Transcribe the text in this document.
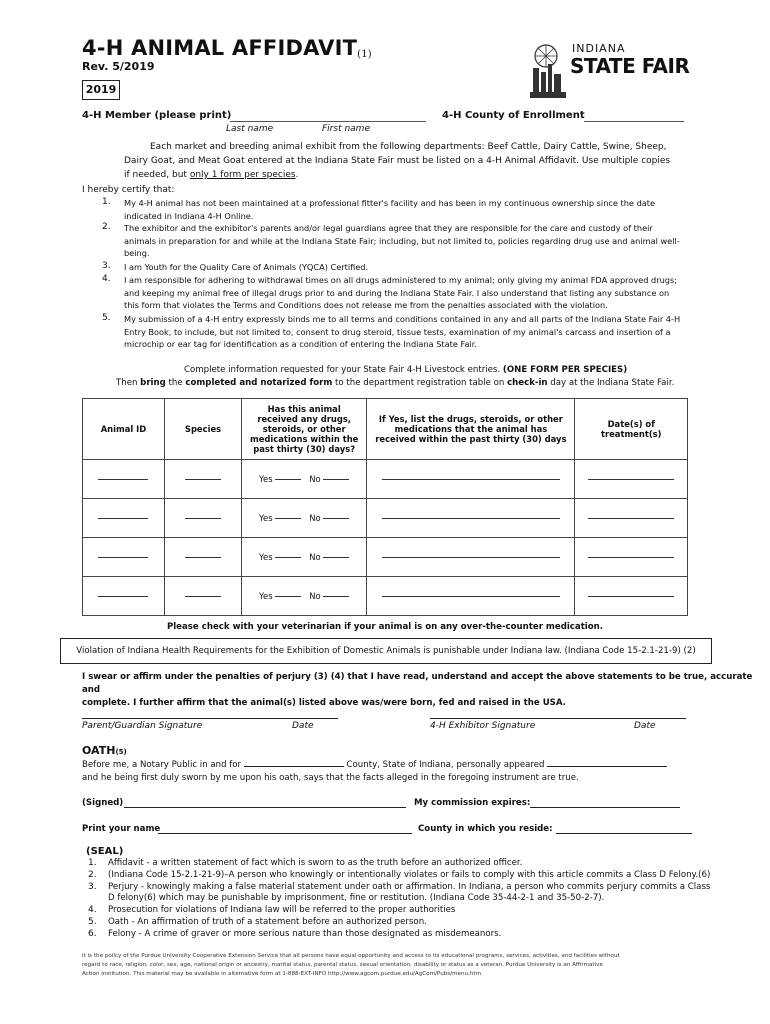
4-H ANIMAL AFFIDAVIT$^{(1)}$
Rev. 5/2019
2019
INDIANA
STATE FAIR
4-H Member (please print)
Last name	First name
4-H County of Enrollment
Each market and breeding animal exhibit from the following departments: Beef Cattle, Dairy Cattle, Swine, Sheep,
Dairy Goat, and Meat Goat entered at the Indiana State Fair must be listed on a 4-H Animal Affidavit. Use multiple copies
if needed, but only 1 form per species.
I hereby certify that:
1. My 4-H animal has not been maintained at a professional fitter's facility and has been in my continuous ownership since the date indicated in Indiana 4-H Online.
2. The exhibitor and the exhibitor's parents and/or legal guardians agree that they are responsible for the care and custody of their animals in preparation for and while at the Indiana State Fair; including, but not limited to, policies regarding drug use and animal well-being.
3. I am Youth for the Quality Care of Animals (YQCA) Certified.
4. I am responsible for adhering to withdrawal times on all drugs administered to my animal; only giving my animal FDA approved drugs; and keeping my animal free of illegal drugs prior to and during the Indiana State Fair. I also understand that listing any substance on this form that violates the Terms and Conditions does not release me from the penalties associated with the violation.
5. My submission of a 4-H entry expressly binds me to all terms and conditions contained in any and all parts of the Indiana State Fair 4-H Entry Book, to include, but not limited to, consent to drug steroid, tissue tests, examination of my animal's carcass and insertion of a microchip or ear tag for identification as a condition of entering the Indiana State Fair.
Complete information requested for your State Fair 4-H Livestock entries. (ONE FORM PER SPECIES)
Then bring the completed and notarized form to the department registration table on check-in day at the Indiana State Fair.
Animal ID	Species	Has this animal received any drugs, steroids, or other medications within the past thirty (30) days?	If Yes, list the drugs, steroids, or other medications that the animal has received within the past thirty (30) days	Date(s) of treatment(s)
		Yes No		
		Yes No		
		Yes No		
		Yes No		
Please check with your veterinarian if your animal is on any over-the-counter medication.
Violation of Indiana Health Requirements for the Exhibition of Domestic Animals is punishable under Indiana law. (Indiana Code 15-2.1-21-9) (2)
I swear or affirm under the penalties of perjury (3) (4) that I have read, understand and accept the above statements to be true, accurate and
complete. I further affirm that the animal(s) listed above was/were born, fed and raised in the USA.
Parent/Guardian Signature	Date	4-H Exhibitor Signature	Date
OATH(5)
Before me, a Notary Public in and for	County, State of Indiana, personally appeared
and he being first duly sworn by me upon his oath, says that the facts alleged in the foregoing instrument are true.
(Signed)	My commission expires:
Print your name	County in which you reside:
(SEAL)
1. Affidavit - a written statement of fact which is sworn to as the truth before an authorized officer.
2. (Indiana Code 15-2.1-21-9)–A person who knowingly or intentionally violates or fails to comply with this article commits a Class D Felony.(6)
3. Perjury - knowingly making a false material statement under oath or affirmation. In Indiana, a person who commits perjury commits a Class D felony(6) which may be punishable by imprisonment, fine or restitution. (Indiana Code 35-44-2-1 and 35-50-2-7).
4. Prosecution for violations of Indiana law will be referred to the proper authorities
5. Oath - An affirmation of truth of a statement before an authorized person.
6. Felony - A crime of graver or more serious nature than those designated as misdemeanors.
It is the policy of the Purdue University Cooperative Extension Service that all persons have equal opportunity and access to its educational programs, services, activities, and facilities without regard to race, religion, color, sex, age, national origin or ancestry, marital status, parental status, sexual orientation, disability or status as a veteran. Purdue University is an Affirmative Action institution. This material may be available in alternative form at 1-888-EXT-INFO http://www.agcom.purdue.edu/AgCom/Pubs/menu.htm
